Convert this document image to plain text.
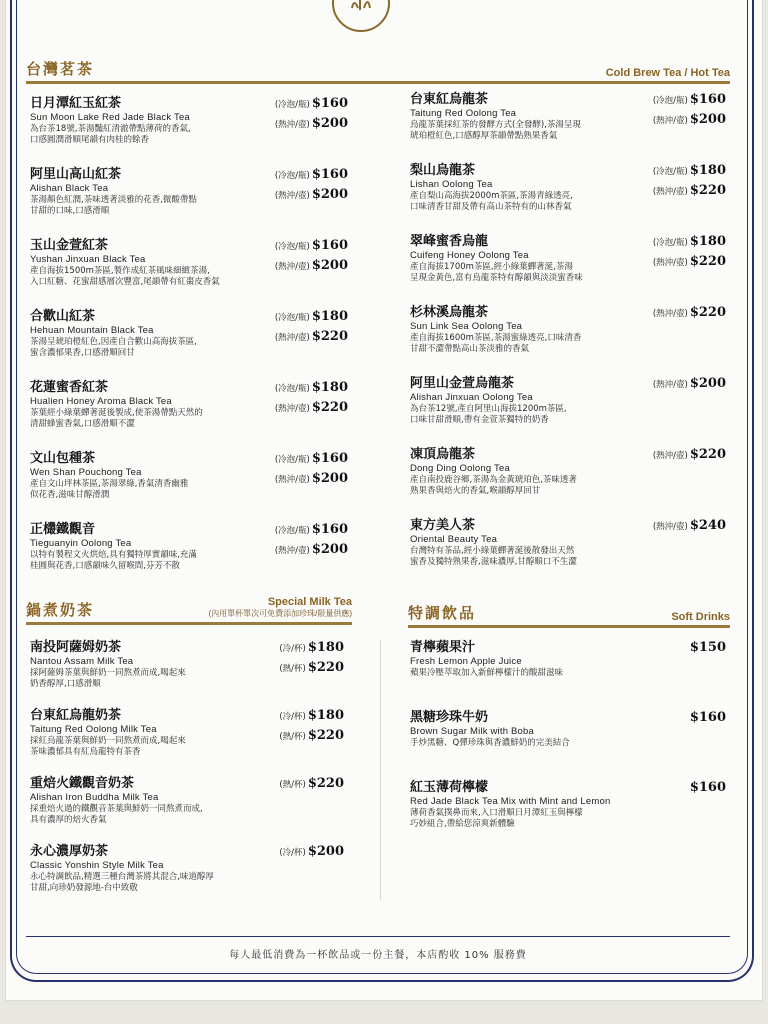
台灣茗茶	Cold Brew Tea / Hot Tea
日月潭紅玉紅茶
Sun Moon Lake Red Jade Black Tea
為台茶18號,茶湯豔紅清澈帶點薄荷的香氣,
口感圓潤滑順尾韻有肉桂的餘香
(冷泡/瓶) $160
(熱沖/壺) $200
阿里山高山紅茶
Alishan Black Tea
茶湯顏色紅潤,茶味透著淡雅的花香,微酸帶點
甘甜的口味,口感滑順
(冷泡/瓶) $160
(熱沖/壺) $200
玉山金萱紅茶
Yushan Jinxuan Black Tea
產自海拔1500m茶區,製作成紅茶風味細緻茶湯,
入口紅糖、花蜜甜感層次豐富,尾韻帶有紅棗皮香氣
(冷泡/瓶) $160
(熱沖/壺) $200
合歡山紅茶
Hehuan Mountain Black Tea
茶湯呈琥珀橙紅色,因產自合歡山高海拔茶區,
蜜含濃郁果香,口感滑順回甘
(冷泡/瓶) $180
(熱沖/壺) $220
花蓮蜜香紅茶
Hualien Honey Aroma Black Tea
茶葉經小綠葉蟬著涎後製成,使茶湯帶點天然的
清甜蜂蜜香氣,口感滑順不澀
(冷泡/瓶) $180
(熱沖/壺) $220
文山包種茶
Wen Shan Pouchong Tea
產自文山坪林茶區,茶湯翠綠,香氣清香幽雅
似花香,滋味甘醇滑潤
(冷泡/瓶) $160
(熱沖/壺) $200
正欉鐵觀音
Tieguanyin Oolong Tea
以特有製程文火烘焙,具有獨特厚實韻味,充滿
桂圓與花香,口感韻味久留喉間,芬芳不散
(冷泡/瓶) $160
(熱沖/壺) $200
台東紅烏龍茶
Taitung Red Oolong Tea
烏龍茶葉採紅茶的發酵方式(全發酵),茶湯呈現
琥珀橙紅色,口感醇厚茶韻帶點熟果香氣
(冷泡/瓶) $160
(熱沖/壺) $200
梨山烏龍茶
Lishan Oolong Tea
產自梨山高海拔2000m茶區,茶湯青綠透亮,
口味清香甘甜及帶有高山茶特有的山林香氣
(冷泡/瓶) $180
(熱沖/壺) $220
翠峰蜜香烏龍
Cuifeng Honey Oolong Tea
產自海拔1700m茶區,經小綠葉蟬著涎,茶湯
呈現金黃色,富有烏龍茶特有醇韻與淡淡蜜香味
(冷泡/瓶) $180
(熱沖/壺) $220
杉林溪烏龍茶
Sun Link Sea Oolong Tea
產自海拔1600m茶區,茶湯蜜綠透亮,口味清香
甘甜不澀帶點高山茶淡雅的香氣
(熱沖/壺) $220
阿里山金萱烏龍茶
Alishan Jinxuan Oolong Tea
為台茶12號,產自阿里山海拔1200m茶區,
口味甘甜滑順,帶有金萱茶獨特的奶香
(熱沖/壺) $200
凍頂烏龍茶
Dong Ding Oolong Tea
產自南投鹿谷鄉,茶湯為金黃琥珀色,茶味透著
熟果香與焙火的香氣,喉韻醇厚回甘
(熱沖/壺) $220
東方美人茶
Oriental Beauty Tea
台灣特有茶品,經小綠葉蟬著涎後散發出天然
蜜香及獨特熟果香,滋味濃厚,甘醇順口不生澀
(熱沖/壺) $240
鍋煮奶茶	Special Milk Tea
(內用單杯單次可免費添加珍珠/限量供應)	特調飲品	Soft Drinks
南投阿薩姆奶茶
Nantou Assam Milk Tea
採阿薩姆茶葉與鮮奶一同熬煮而成,喝起來
奶香醇厚,口感滑順
(冷/杯) $180
(熱/杯) $220
台東紅烏龍奶茶
Taitung Red Oolong Milk Tea
採紅烏龍茶葉與鮮奶一同熬煮而成,喝起來
茶味濃郁具有紅烏龍特有茶香
(冷/杯) $180
(熱/杯) $220
重焙火鐵觀音奶茶
Alishan Iron Buddha Milk Tea
採重焙火過的鐵觀音茶葉與鮮奶一同熬煮而成,
具有濃厚的焙火香氣
(熱/杯) $220
永心濃厚奶茶
Classic Yonshin Style Milk Tea
永心特調飲品,精選三種台灣茶將其混合,味道醇厚
甘甜,向珍奶發源地-台中致敬
(冷/杯) $200
青檸蘋果汁
Fresh Lemon Apple Juice
蘋果冷壓萃取加入新鮮檸檬汁的酸甜滋味
$150
黑糖珍珠牛奶
Brown Sugar Milk with Boba
手炒黑糖、Q彈珍珠與香濃鮮奶的完美結合
$160
紅玉薄荷檸檬
Red Jade Black Tea Mix with Mint and Lemon
薄荷香氣撲鼻而來,入口滑順日月潭紅玉與檸檬
巧妙組合,帶給您涼爽新體驗
$160
每人最低消費為一杯飲品或一份主餐，本店酌收 10% 服務費
